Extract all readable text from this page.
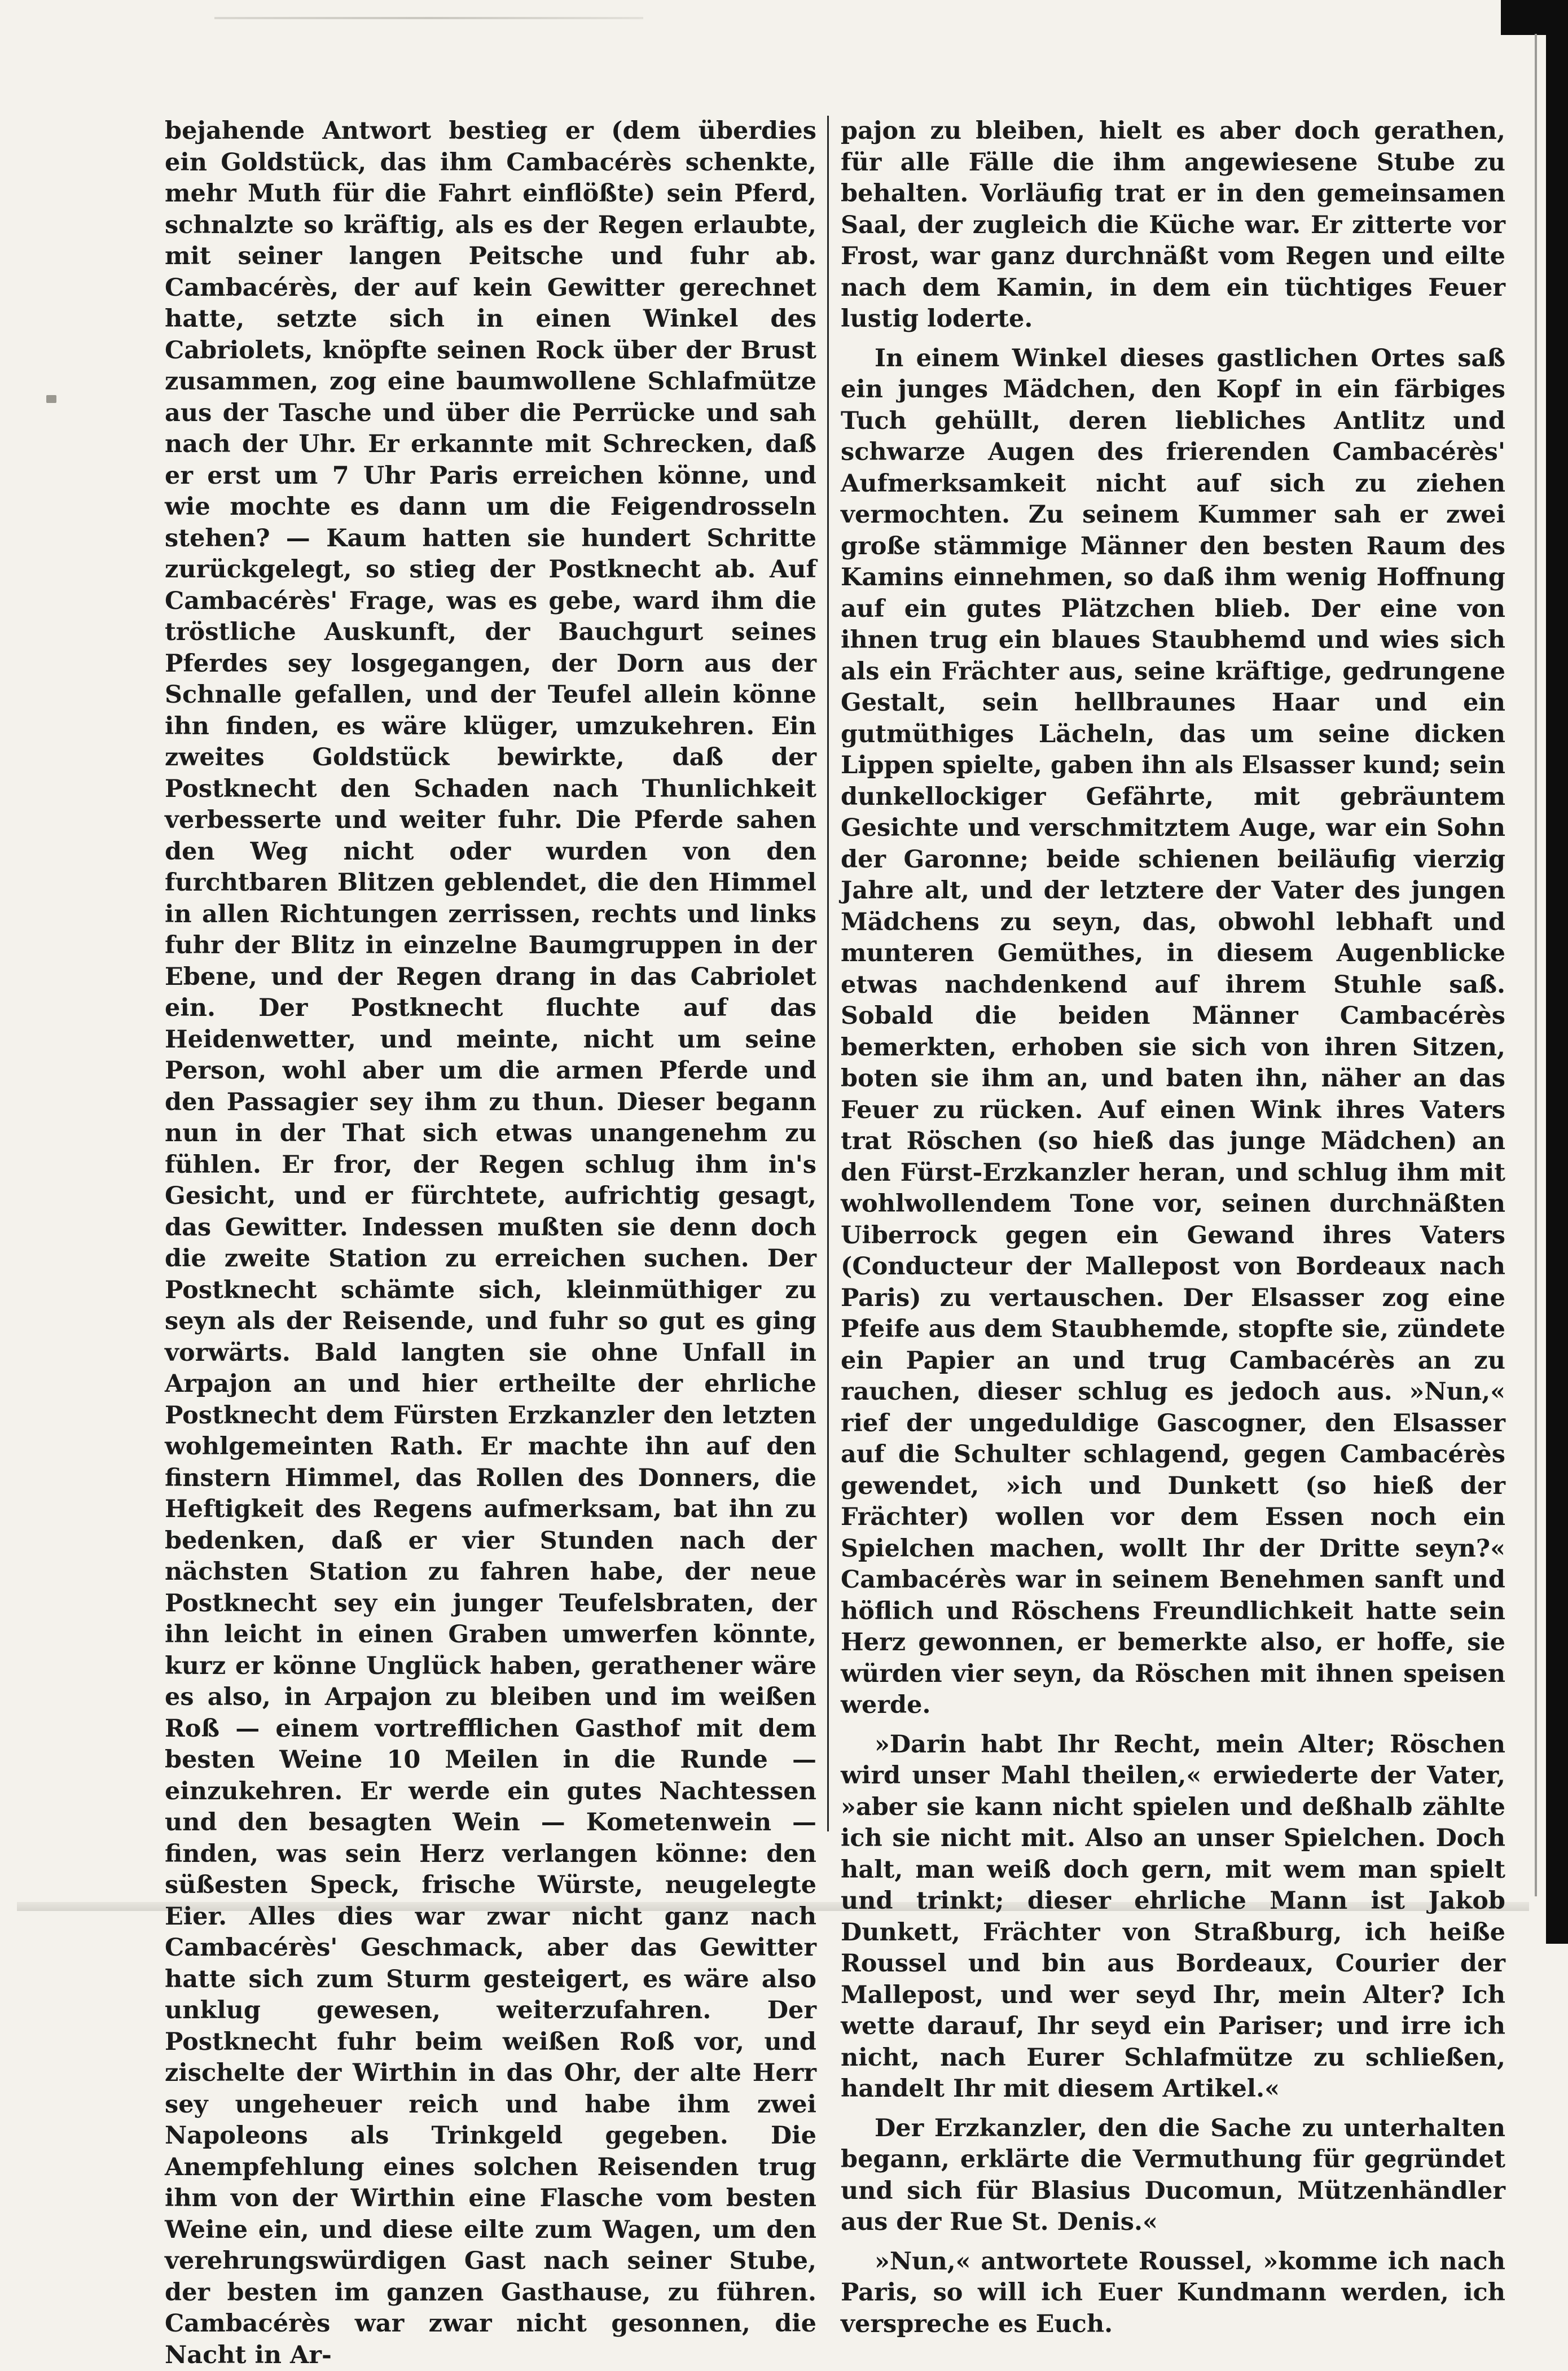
bejahende Antwort bestieg er (dem überdies ein Goldstück, das ihm Cambacérès schenkte, mehr Muth für die Fahrt einflößte) sein Pferd, schnalzte so kräftig, als es der Regen erlaubte, mit seiner langen Peitsche und fuhr ab. Cambacérès, der auf kein Gewitter gerechnet hatte, setzte sich in einen Winkel des Cabriolets, knöpfte seinen Rock über der Brust zusammen, zog eine baumwollene Schlafmütze aus der Tasche und über die Perrücke und sah nach der Uhr. Er erkannte mit Schrecken, daß er erst um 7 Uhr Paris erreichen könne, und wie mochte es dann um die Feigendrosseln stehen? — Kaum hatten sie hundert Schritte zurückgelegt, so stieg der Postknecht ab. Auf Cambacérès' Frage, was es gebe, ward ihm die tröstliche Auskunft, der Bauchgurt seines Pferdes sey losgegangen, der Dorn aus der Schnalle gefallen, und der Teufel allein könne ihn finden, es wäre klüger, umzukehren. Ein zweites Goldstück bewirkte, daß der Postknecht den Schaden nach Thunlichkeit verbesserte und weiter fuhr. Die Pferde sahen den Weg nicht oder wurden von den furchtbaren Blitzen geblendet, die den Himmel in allen Richtungen zerrissen, rechts und links fuhr der Blitz in einzelne Baumgruppen in der Ebene, und der Regen drang in das Cabriolet ein. Der Postknecht fluchte auf das Heidenwetter, und meinte, nicht um seine Person, wohl aber um die armen Pferde und den Passagier sey ihm zu thun. Dieser begann nun in der That sich etwas unangenehm zu fühlen. Er fror, der Regen schlug ihm in's Gesicht, und er fürchtete, aufrichtig gesagt, das Gewitter. Indessen mußten sie denn doch die zweite Station zu erreichen suchen. Der Postknecht schämte sich, kleinmüthiger zu seyn als der Reisende, und fuhr so gut es ging vorwärts. Bald langten sie ohne Unfall in Arpajon an und hier ertheilte der ehrliche Postknecht dem Fürsten Erzkanzler den letzten wohlgemeinten Rath. Er machte ihn auf den finstern Himmel, das Rollen des Donners, die Heftigkeit des Regens aufmerksam, bat ihn zu bedenken, daß er vier Stunden nach der nächsten Station zu fahren habe, der neue Postknecht sey ein junger Teufelsbraten, der ihn leicht in einen Graben umwerfen könnte, kurz er könne Unglück haben, gerathener wäre es also, in Arpajon zu bleiben und im weißen Roß — einem vortrefflichen Gasthof mit dem besten Weine 10 Meilen in die Runde — einzukehren. Er werde ein gutes Nachtessen und den besagten Wein — Kometenwein — finden, was sein Herz verlangen könne: den süßesten Speck, frische Würste, neugelegte Eier. Alles dies war zwar nicht ganz nach Cambacérès' Geschmack, aber das Gewitter hatte sich zum Sturm gesteigert, es wäre also unklug gewesen, weiterzufahren. Der Postknecht fuhr beim weißen Roß vor, und zischelte der Wirthin in das Ohr, der alte Herr sey ungeheuer reich und habe ihm zwei Napoleons als Trinkgeld gegeben. Die Anempfehlung eines solchen Reisenden trug ihm von der Wirthin eine Flasche vom besten Weine ein, und diese eilte zum Wagen, um den verehrungswürdigen Gast nach seiner Stube, der besten im ganzen Gasthause, zu führen. Cambacérès war zwar nicht gesonnen, die Nacht in Ar-

pajon zu bleiben, hielt es aber doch gerathen, für alle Fälle die ihm angewiesene Stube zu behalten. Vorläufig trat er in den gemeinsamen Saal, der zugleich die Küche war. Er zitterte vor Frost, war ganz durchnäßt vom Regen und eilte nach dem Kamin, in dem ein tüchtiges Feuer lustig loderte.

In einem Winkel dieses gastlichen Ortes saß ein junges Mädchen, den Kopf in ein färbiges Tuch gehüllt, deren liebliches Antlitz und schwarze Augen des frierenden Cambacérès' Aufmerksamkeit nicht auf sich zu ziehen vermochten. Zu seinem Kummer sah er zwei große stämmige Männer den besten Raum des Kamins einnehmen, so daß ihm wenig Hoffnung auf ein gutes Plätzchen blieb. Der eine von ihnen trug ein blaues Staubhemd und wies sich als ein Frächter aus, seine kräftige, gedrungene Gestalt, sein hellbraunes Haar und ein gutmüthiges Lächeln, das um seine dicken Lippen spielte, gaben ihn als Elsasser kund; sein dunkellockiger Gefährte, mit gebräuntem Gesichte und verschmitztem Auge, war ein Sohn der Garonne; beide schienen beiläufig vierzig Jahre alt, und der letztere der Vater des jungen Mädchens zu seyn, das, obwohl lebhaft und munteren Gemüthes, in diesem Augenblicke etwas nachdenkend auf ihrem Stuhle saß. Sobald die beiden Männer Cambacérès bemerkten, erhoben sie sich von ihren Sitzen, boten sie ihm an, und baten ihn, näher an das Feuer zu rücken. Auf einen Wink ihres Vaters trat Röschen (so hieß das junge Mädchen) an den Fürst-Erzkanzler heran, und schlug ihm mit wohlwollendem Tone vor, seinen durchnäßten Uiberrock gegen ein Gewand ihres Vaters (Conducteur der Mallepost von Bordeaux nach Paris) zu vertauschen. Der Elsasser zog eine Pfeife aus dem Staubhemde, stopfte sie, zündete ein Papier an und trug Cambacérès an zu rauchen, dieser schlug es jedoch aus. »Nun,« rief der ungeduldige Gascogner, den Elsasser auf die Schulter schlagend, gegen Cambacérès gewendet, »ich und Dunkett (so hieß der Frächter) wollen vor dem Essen noch ein Spielchen machen, wollt Ihr der Dritte seyn?« Cambacérès war in seinem Benehmen sanft und höflich und Röschens Freundlichkeit hatte sein Herz gewonnen, er bemerkte also, er hoffe, sie würden vier seyn, da Röschen mit ihnen speisen werde.

»Darin habt Ihr Recht, mein Alter; Röschen wird unser Mahl theilen,« erwiederte der Vater, »aber sie kann nicht spielen und deßhalb zählte ich sie nicht mit. Also an unser Spielchen. Doch halt, man weiß doch gern, mit wem man spielt und trinkt; dieser ehrliche Mann ist Jakob Dunkett, Frächter von Straßburg, ich heiße Roussel und bin aus Bordeaux, Courier der Mallepost, und wer seyd Ihr, mein Alter? Ich wette darauf, Ihr seyd ein Pariser; und irre ich nicht, nach Eurer Schlafmütze zu schließen, handelt Ihr mit diesem Artikel.«

Der Erzkanzler, den die Sache zu unterhalten begann, erklärte die Vermuthung für gegründet und sich für Blasius Ducomun, Mützenhändler aus der Rue St. Denis.«

»Nun,« antwortete Roussel, »komme ich nach Paris, so will ich Euer Kundmann werden, ich verspreche es Euch.
